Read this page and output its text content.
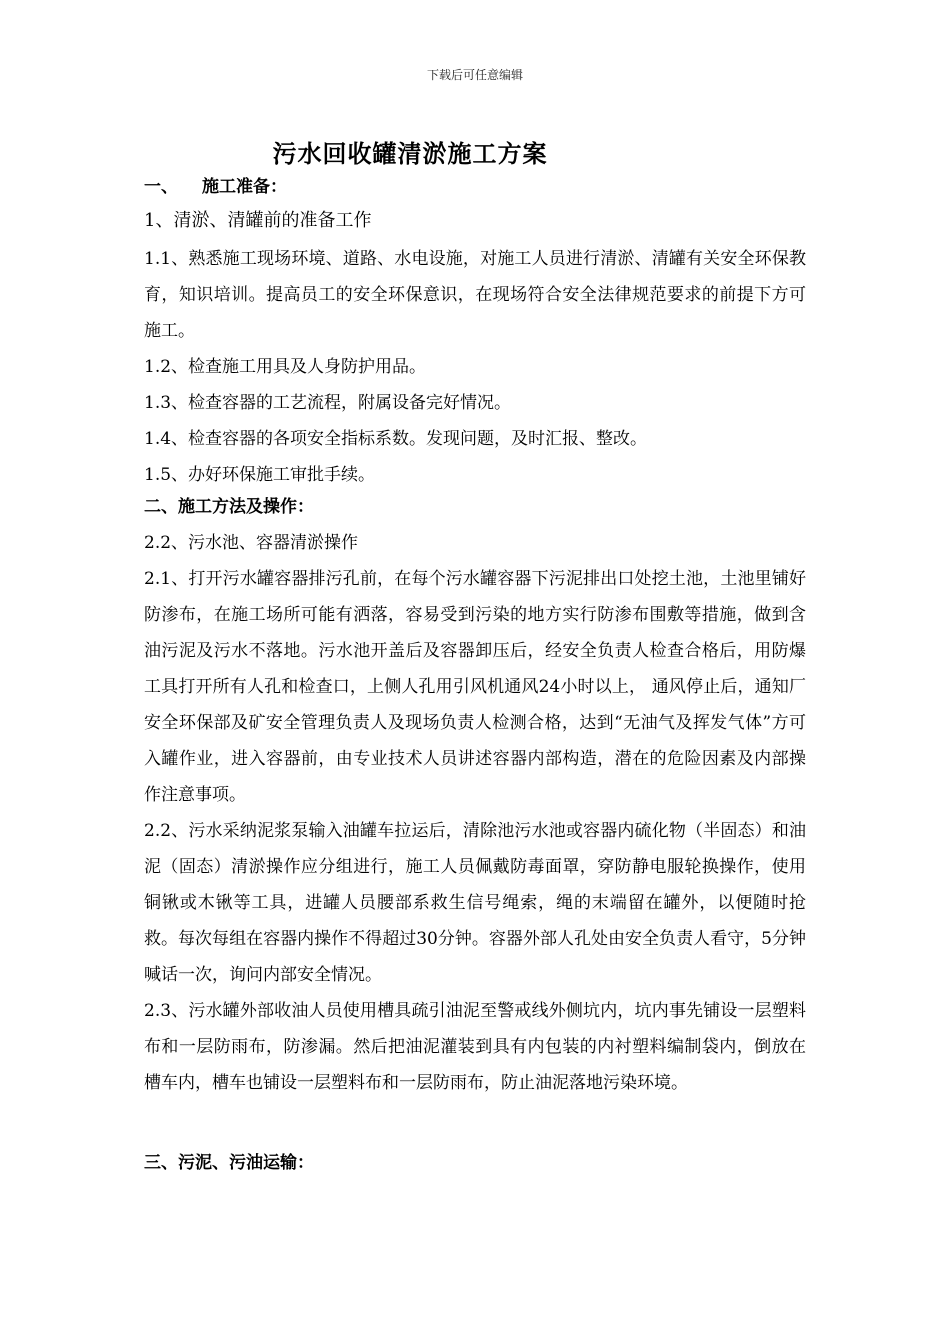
下载后可任意编辑
污水回收罐清淤施工方案
一、 施工准备：
1、清淤、清罐前的准备工作

1.1、熟悉施工现场环境、道路、水电设施，对施工人员进行清淤、清罐有关安全环保教育，知识培训。提高员工的安全环保意识，在现场符合安全法律规范要求的前提下方可施工。

1.2、检查施工用具及人身防护用品。

1.3、检查容器的工艺流程，附属设备完好情况。

1.4、检查容器的各项安全指标系数。发现问题，及时汇报、整改。

1.5、办好环保施工审批手续。

二、施工方法及操作：

2.2、污水池、容器清淤操作

2.1、打开污水罐容器排污孔前，在每个污水罐容器下污泥排出口处挖土池，土池里铺好防渗布，在施工场所可能有洒落，容易受到污染的地方实行防渗布围敷等措施，做到含油污泥及污水不落地。污水池开盖后及容器卸压后，经安全负责人检查合格后，用防爆工具打开所有人孔和检查口，上侧人孔用引风机通风24小时以上， 通风停止后，通知厂安全环保部及矿安全管理负责人及现场负责人检测合格，达到“无油气及挥发气体”方可入罐作业，进入容器前，由专业技术人员讲述容器内部构造，潜在的危险因素及内部操作注意事项。

2.2、污水采纳泥浆泵输入油罐车拉运后，清除池污水池或容器内硫化物（半固态）和油泥（固态）清淤操作应分组进行，施工人员佩戴防毒面罩，穿防静电服轮换操作，使用铜锹或木锹等工具，进罐人员腰部系救生信号绳索，绳的末端留在罐外，以便随时抢救。每次每组在容器内操作不得超过30分钟。容器外部人孔处由安全负责人看守，5分钟喊话一次，询问内部安全情况。

2.3、污水罐外部收油人员使用槽具疏引油泥至警戒线外侧坑内，坑内事先铺设一层塑料布和一层防雨布，防渗漏。然后把油泥灌装到具有内包装的内衬塑料编制袋内，倒放在槽车内，槽车也铺设一层塑料布和一层防雨布，防止油泥落地污染环境。

三、污泥、污油运输：
